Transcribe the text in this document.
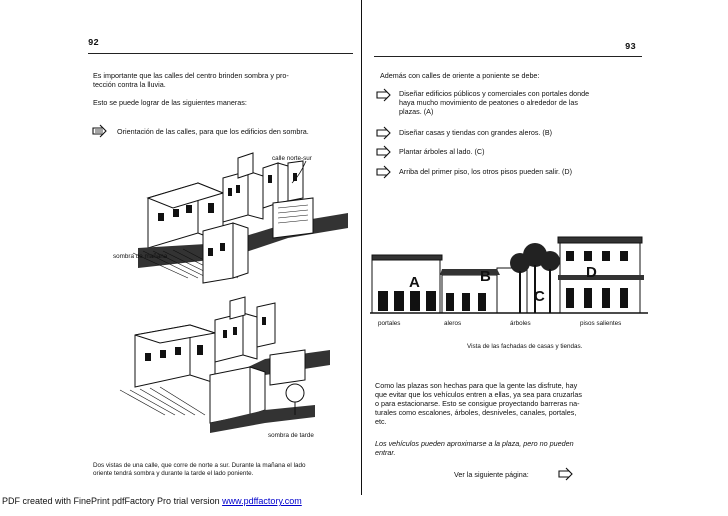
92
Es importante que las calles del centro brinden sombra y pro-
tección contra la lluvia.
Esto se puede lograr de las siguientes maneras:
Orientación de las calles, para que los edificios den sombra.
calle norte-sur
sombra de mañana
sombra de tarde
Dos vistas de una calle, que corre de norte a sur. Durante la mañana el lado
oriente tendrá sombra y durante la tarde el lado poniente.
93
Además con calles de oriente a poniente se debe:
Diseñar edificios públicos y comerciales con portales donde
haya mucho movimiento de peatones o alrededor de las
plazas. (A)
Diseñar casas y tiendas con grandes aleros. (B)
Plantar árboles al lado. (C)
Arriba del primer piso, los otros pisos pueden salir. (D)
A	B
C
D
portales	aleros	árboles	pisos salientes
Vista de las fachadas de casas y tiendas.
Como las plazas son hechas para que la gente las disfrute, hay
que evitar que los vehículos entren a ellas, ya sea para cruzarlas
o para estacionarse. Esto se consigue proyectando barreras na-
turales como escalones, árboles, desniveles, canales, portales,
etc.
Los vehículos pueden aproximarse a la plaza, pero no pueden
entrar.
Ver la siguiente página:
PDF created with FinePrint pdfFactory Pro trial version www.pdffactory.com
